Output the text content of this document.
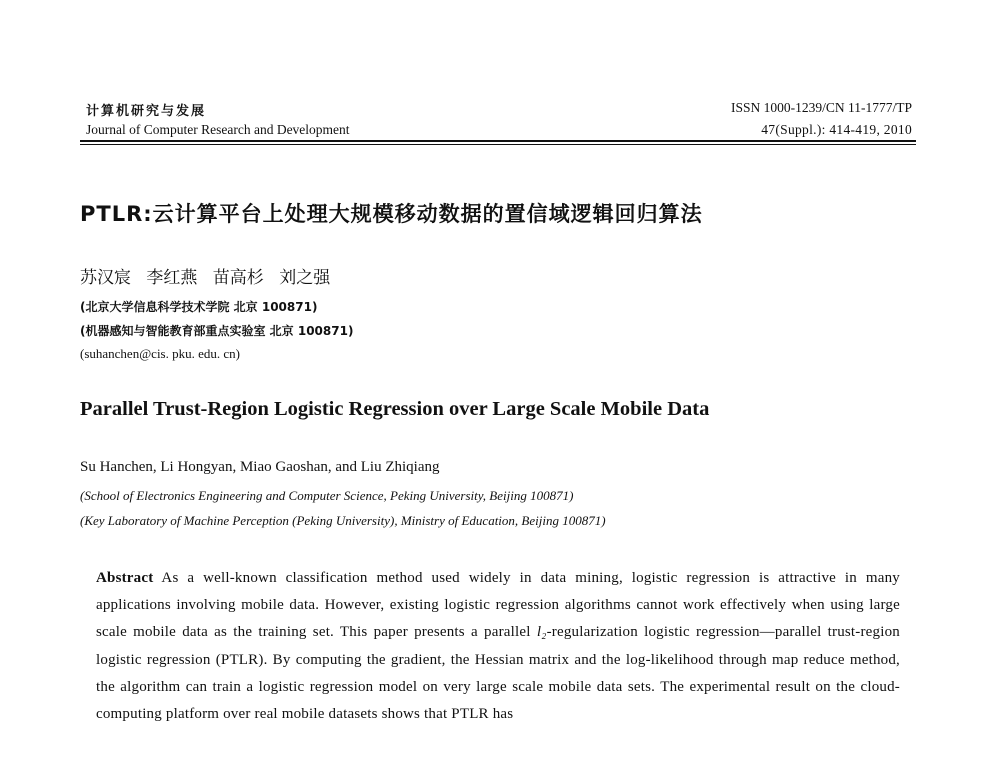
计算机研究与发展
Journal of Computer Research and Development
ISSN 1000-1239/CN 11-1777/TP
47(Suppl.): 414-419, 2010
PTLR:云计算平台上处理大规模移动数据的置信域逻辑回归算法
苏汉宸 李红燕 苗高杉 刘之强
(北京大学信息科学技术学院 北京 100871)
(机器感知与智能教育部重点实验室 北京 100871)
(suhanchen@cis. pku. edu. cn)
Parallel Trust-Region Logistic Regression over Large Scale Mobile Data
Su Hanchen, Li Hongyan, Miao Gaoshan, and Liu Zhiqiang
(School of Electronics Engineering and Computer Science, Peking University, Beijing 100871)
(Key Laboratory of Machine Perception (Peking University), Ministry of Education, Beijing 100871)
Abstract As a well-known classification method used widely in data mining, logistic regression is attractive in many applications involving mobile data. However, existing logistic regression algorithms cannot work effectively when using large scale mobile data as the training set. This paper presents a parallel l₂-regularization logistic regression—parallel trust-region logistic regression (PTLR). By computing the gradient, the Hessian matrix and the log-likelihood through map reduce method, the algorithm can train a logistic regression model on very large scale mobile data sets. The experimental result on the cloud-computing platform over real mobile datasets shows that PTLR has
